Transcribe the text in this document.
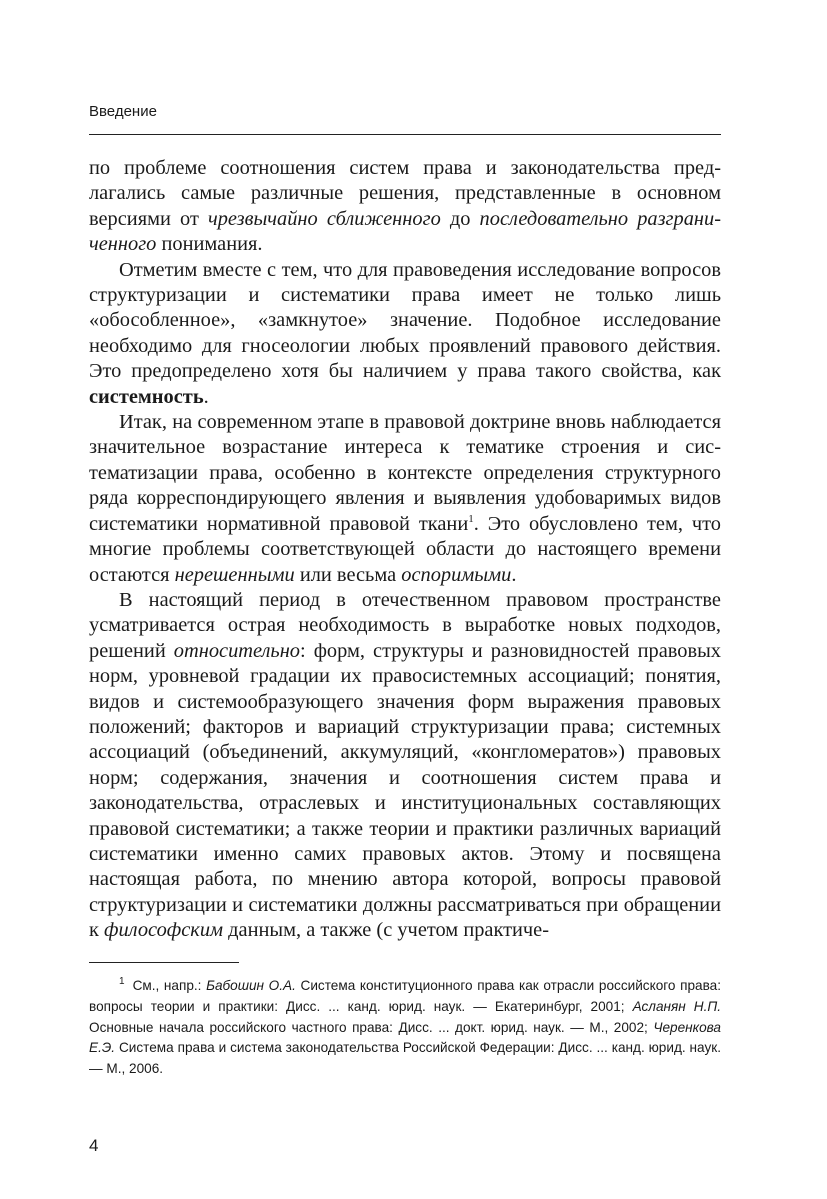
Введение

по проблеме соотношения систем права и законодательства предлагались самые различные решения, представленные в основном версиями от чрезвычайно сближенного до последовательно разграниченного понимания.

Отметим вместе с тем, что для правоведения исследование вопросов структуризации и систематики права имеет не только лишь «обособленное», «замкнутое» значение. Подобное исследование необходимо для гносеологии любых проявлений правового действия. Это предопределено хотя бы наличием у права такого свойства, как системность.

Итак, на современном этапе в правовой доктрине вновь наблюдается значительное возрастание интереса к тематике строения и систематизации права, особенно в контексте определения структурного ряда корреспондирующего явления и выявления удобоваримых видов систематики нормативной правовой ткани$^1$. Это обусловлено тем, что многие проблемы соответствующей области до настоящего времени остаются нерешенными или весьма оспоримыми.

В настоящий период в отечественном правовом пространстве усматривается острая необходимость в выработке новых подходов, решений относительно: форм, структуры и разновидностей правовых норм, уровневой градации их правосистемных ассоциаций; понятия, видов и системообразующего значения форм выражения правовых положений; факторов и вариаций структуризации права; системных ассоциаций (объединений, аккумуляций, «конгломератов») правовых норм; содержания, значения и соотношения систем права и законодательства, отраслевых и институциональных составляющих правовой систематики; а также теории и практики различных вариаций систематики именно самих правовых актов. Этому и посвящена настоящая работа, по мнению автора которой, вопросы правовой структуризации и систематики должны рассматриваться при обращении к философским данным, а также (с учетом практиче-

$^1$ См., напр.: Бабошин О.А. Система конституционного права как отрасли российского права: вопросы теории и практики: Дисс. ... канд. юрид. наук. — Екатеринбург, 2001; Асланян Н.П. Основные начала российского частного права: Дисс. ... докт. юрид. наук. — М., 2002; Черенкова Е.Э. Система права и система законодательства Российской Федерации: Дисс. ... канд. юрид. наук. — М., 2006.

4
